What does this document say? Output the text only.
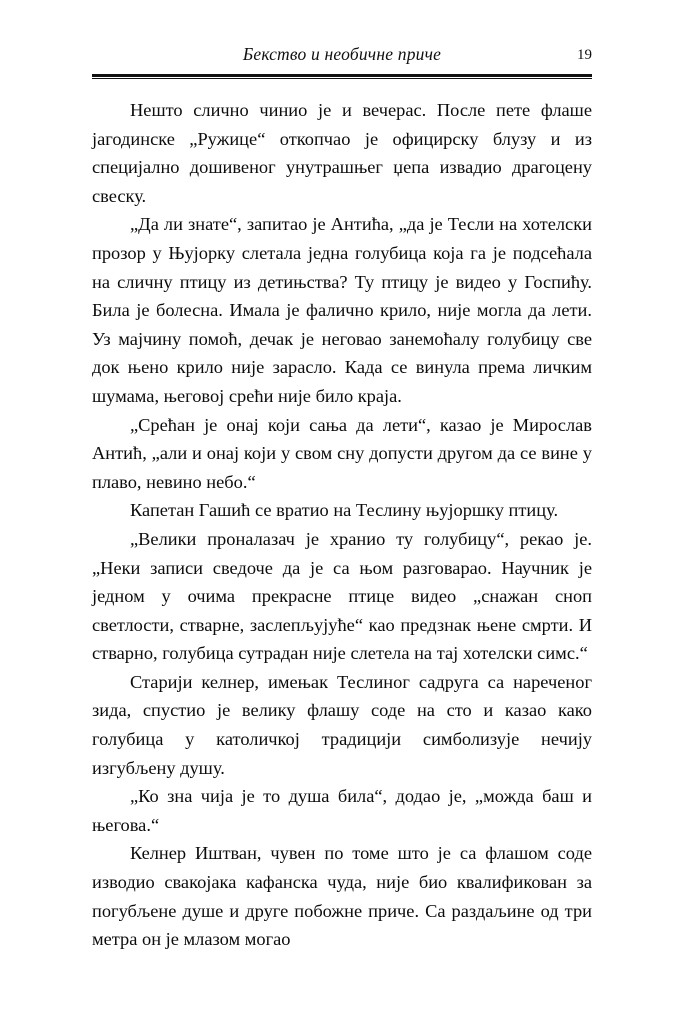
Бекство и необичне приче	19

Нешто слично чинио је и вечерас. После пете флаше јагодинске „Ружице“ откопчао је официрску блузу и из специјално дошивеног унутрашњег џепа извадио драгоцену свеску.

„Да ли знате“, запитао је Антића, „да је Тесли на хотелски прозор у Њујорку слетала једна голубица која га је подсећала на сличну птицу из детињства? Ту птицу је видео у Госпићу. Била је болесна. Имала је фалично крило, није могла да лети. Уз мајчину помоћ, дечак је неговао занемоћалу голубицу све док њено крило није зарасло. Када се винула према личким шумама, његовој срећи није било краја.

„Срећан је онај који сања да лети“, казао је Мирослав Антић, „али и онај који у свом сну допусти другом да се вине у плаво, невино небо.“

Капетан Гашић се вратио на Теслину њујоршку птицу.

„Велики проналазач је хранио ту голубицу“, рекао је. „Неки записи сведоче да је са њом разговарао. Научник је једном у очима прекрасне птице видео „снажан сноп светлости, стварне, заслепљујуће“ као предзнак њене смрти. И стварно, голубица сутрадан није слетела на тај хотелски симс.“

Старији келнер, имењак Теслиног садруга са нареченог зида, спустио је велику флашу соде на сто и казао како голубица у католичкој традицији симболизује нечију изгубљену душу.

„Ко зна чија је то душа била“, додао је, „можда баш и његова.“

Келнер Иштван, чувен по томе што је са флашом соде изводио свакојака кафанска чуда, није био квалификован за погубљене душе и друге побожне приче. Са раздаљине од три метра он је млазом могао
